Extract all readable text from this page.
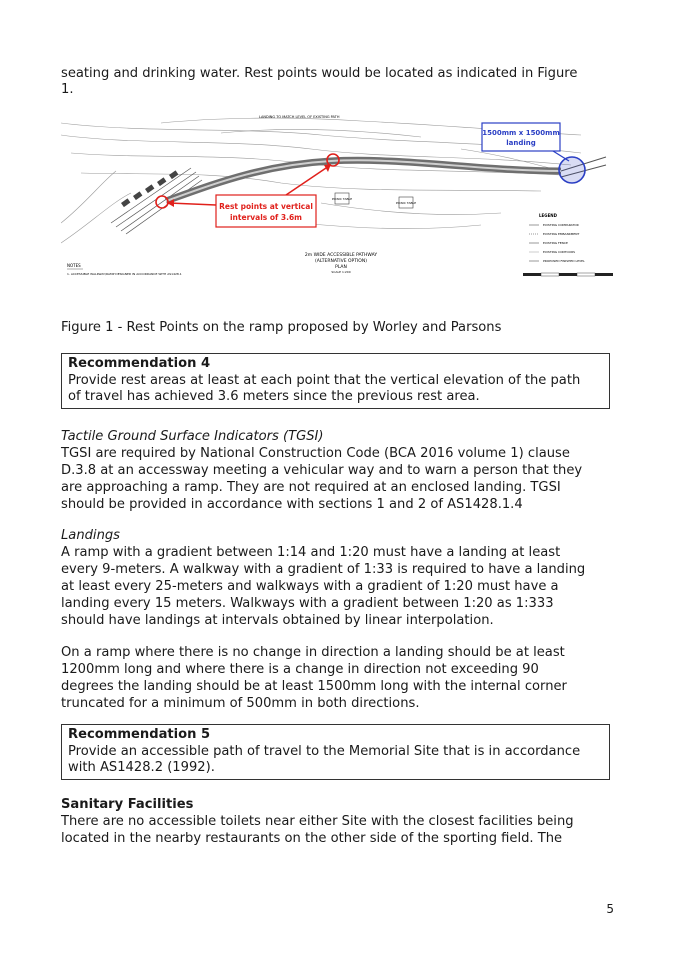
seating and drinking water. Rest points would be located as indicated in Figure

1.

Rest points at vertical
intervals of 3.6m
1500mm x 1500mm
landing
PICNIC TABLE
PICNIC TABLE
LANDING TO MATCH LEVEL OF EXISTING PATH
2m WIDE ACCESSIBLE PATHWAY
(ALTERNATIVE OPTION)
PLAN
SCALE 1:200
NOTES
1. ACCESSIBLE WALKWAY/RAMP DESIGNED IN ACCORDANCE WITH AS1428.1
LEGEND
EXISTING COMPARATOR
EXISTING EMBANKMENT
EXISTING FENCE
EXISTING CONTOURS
PROPOSED FINISHED LEVEL

Figure 1 - Rest Points on the ramp proposed by Worley and Parsons

Recommendation 4
Provide rest areas at least at each point that the vertical elevation of the path
of travel has achieved 3.6 meters since the previous rest area.

Tactile Ground Surface Indicators (TGSI)

TGSI are required by National Construction Code (BCA 2016 volume 1) clause

D.3.8 at an accessway meeting a vehicular way and to warn a person that they

are approaching a ramp. They are not required at an enclosed landing. TGSI

should be provided in accordance with sections 1 and 2 of AS1428.1.4

Landings

A ramp with a gradient between 1:14 and 1:20 must have a landing at least

every 9-meters. A walkway with a gradient of 1:33 is required to have a landing

at least every 25-meters and walkways with a gradient of 1:20 must have a

landing every 15 meters. Walkways with a gradient between 1:20 as 1:333

should have landings at intervals obtained by linear interpolation.

On a ramp where there is no change in direction a landing should be at least

1200mm long and where there is a change in direction not exceeding 90

degrees the landing should be at least 1500mm long with the internal corner

truncated for a minimum of 500mm in both directions.

Recommendation 5
Provide an accessible path of travel to the Memorial Site that is in accordance
with AS1428.2 (1992).

Sanitary Facilities

There are no accessible toilets near either Site with the closest facilities being

located in the nearby restaurants on the other side of the sporting field. The

5
